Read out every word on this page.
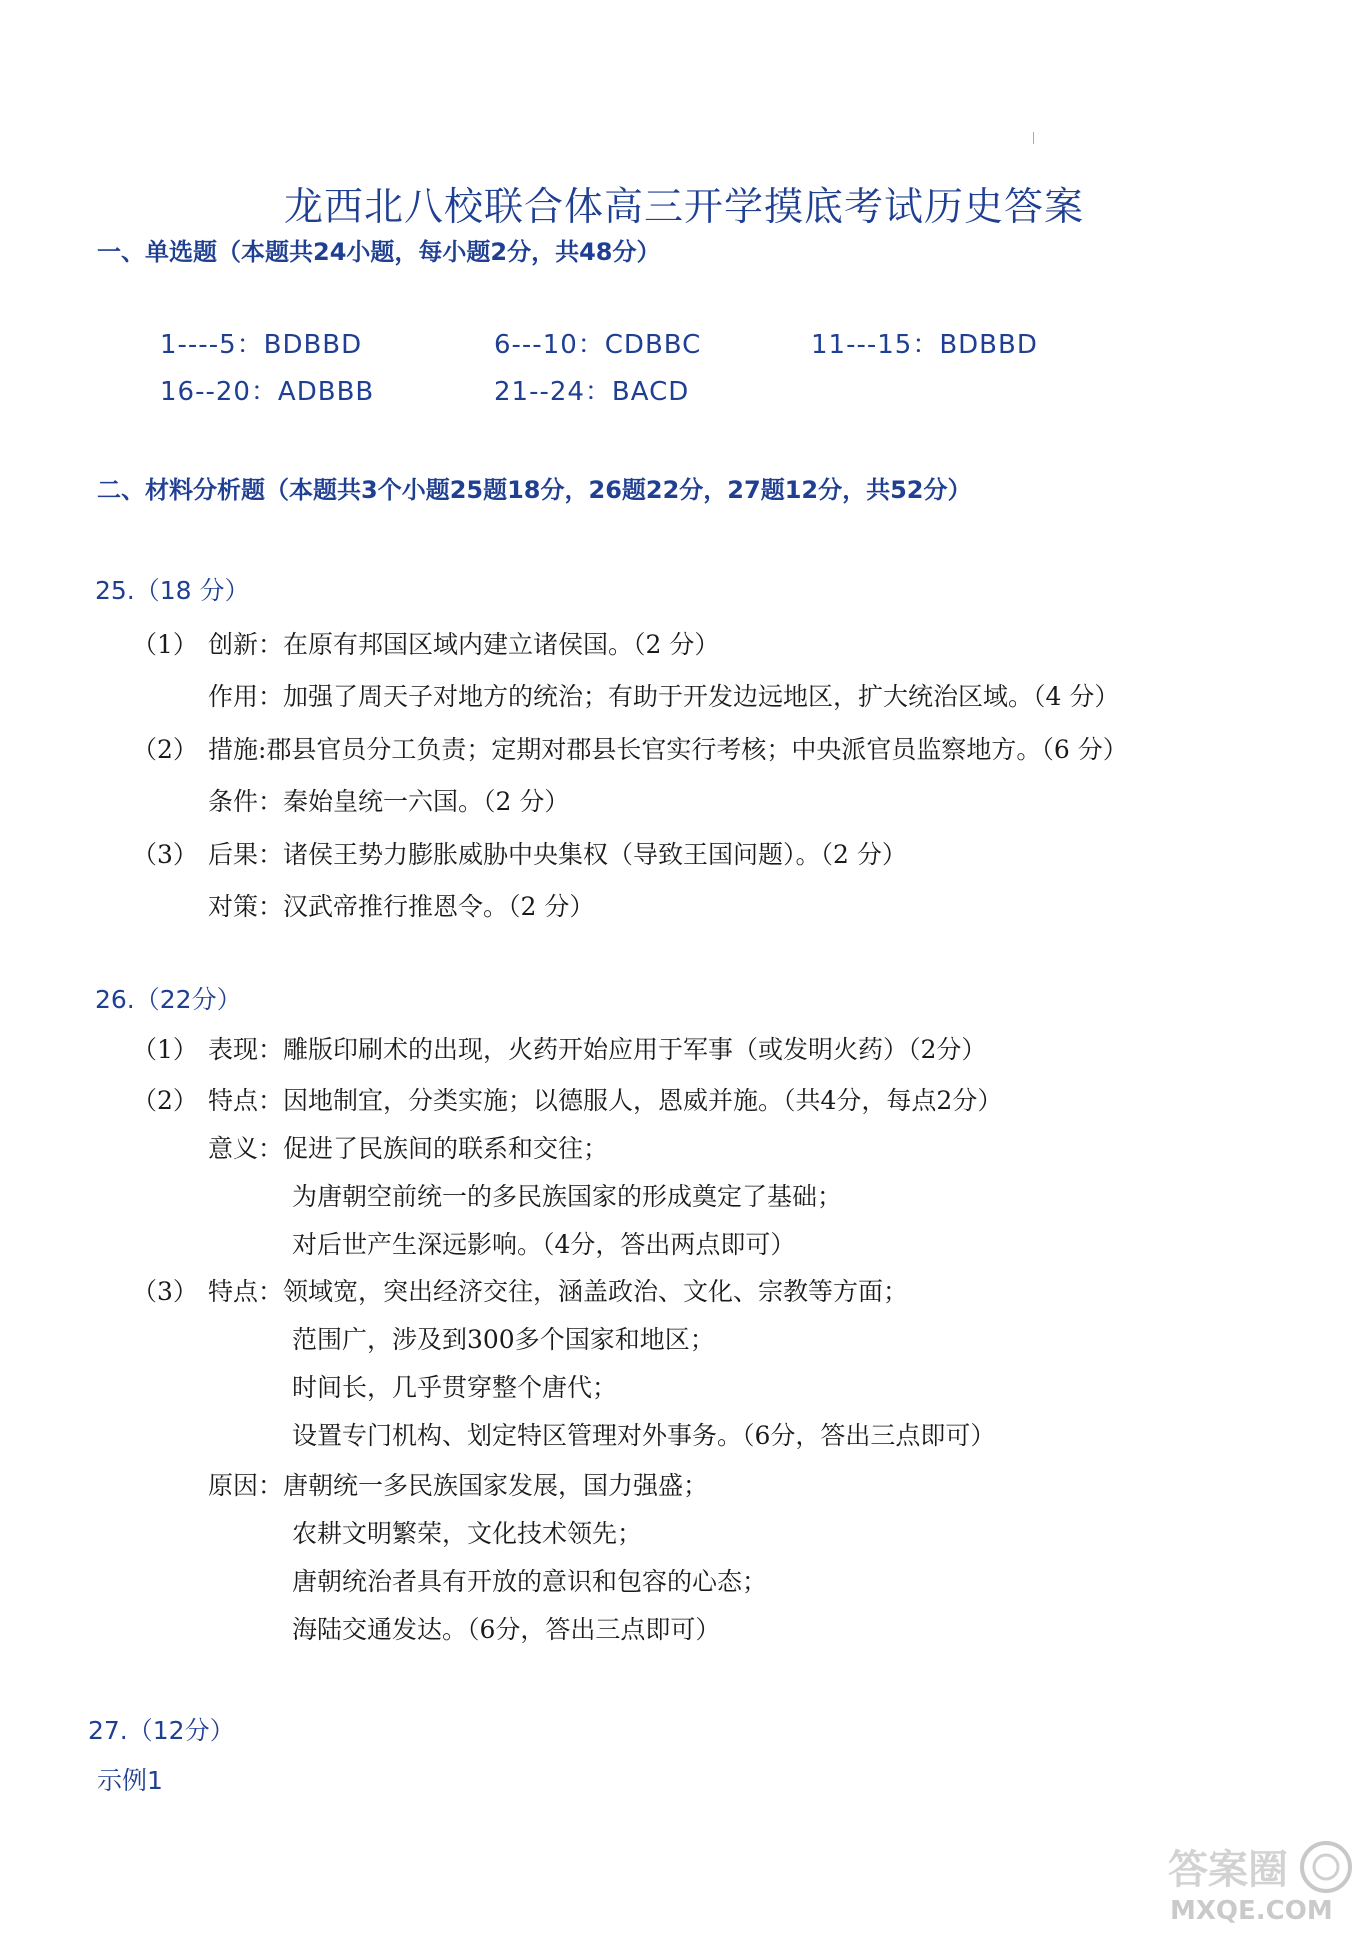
龙西北八校联合体高三开学摸底考试历史答案
一、单选题（本题共24小题，每小题2分，共48分）
1----5：BDBBD	6---10：CDBBC	11---15：BDBBD
16--20：ADBBB	21--24：BACD
二、材料分析题（本题共3个小题25题18分，26题22分，27题12分，共52分）
25.（18 分）
（1） 创新：在原有邦国区域内建立诸侯国。（2 分）
作用：加强了周天子对地方的统治；有助于开发边远地区，扩大统治区域。（4 分）
（2） 措施:郡县官员分工负责；定期对郡县长官实行考核；中央派官员监察地方。（6 分）
条件：秦始皇统一六国。（2 分）
（3） 后果：诸侯王势力膨胀威胁中央集权（导致王国问题）。（2 分）
对策：汉武帝推行推恩令。（2 分）
26.（22分）
（1） 表现：雕版印刷术的出现，火药开始应用于军事（或发明火药）（2分）
（2） 特点：因地制宜，分类实施；以德服人，恩威并施。（共4分，每点2分）
意义：促进了民族间的联系和交往；
为唐朝空前统一的多民族国家的形成奠定了基础；
对后世产生深远影响。（4分，答出两点即可）
（3） 特点：领域宽，突出经济交往，涵盖政治、文化、宗教等方面；
范围广，涉及到300多个国家和地区；
时间长，几乎贯穿整个唐代；
设置专门机构、划定特区管理对外事务。（6分，答出三点即可）
原因：唐朝统一多民族国家发展，国力强盛；
农耕文明繁荣，文化技术领先；
唐朝统治者具有开放的意识和包容的心态；
海陆交通发达。（6分，答出三点即可）
27.（12分）
示例1
答案圈
MXQE.COM
